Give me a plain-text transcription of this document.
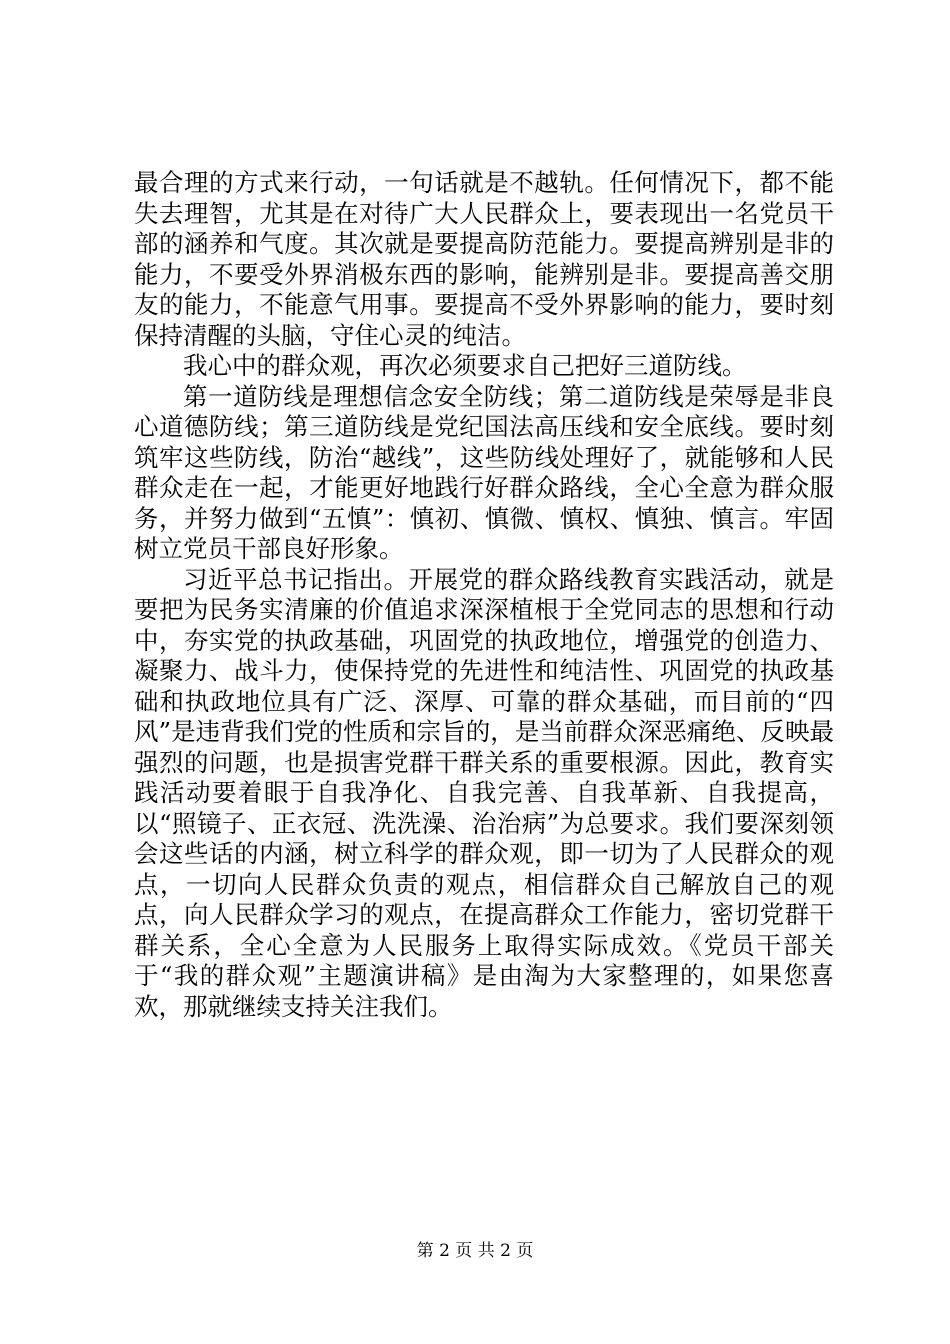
最合理的方式来行动，一句话就是不越轨。任何情况下，都不能失去理智，尤其是在对待广大人民群众上，要表现出一名党员干部的涵养和气度。其次就是要提高防范能力。要提高辨别是非的能力，不要受外界消极东西的影响，能辨别是非。要提高善交朋友的能力，不能意气用事。要提高不受外界影响的能力，要时刻保持清醒的头脑，守住心灵的纯洁。

我心中的群众观，再次必须要求自己把好三道防线。

第一道防线是理想信念安全防线；第二道防线是荣辱是非良心道德防线；第三道防线是党纪国法高压线和安全底线。要时刻筑牢这些防线，防治“越线”，这些防线处理好了，就能够和人民群众走在一起，才能更好地践行好群众路线，全心全意为群众服务，并努力做到“五慎”：慎初、慎微、慎权、慎独、慎言。牢固树立党员干部良好形象。

习近平总书记指出。开展党的群众路线教育实践活动，就是要把为民务实清廉的价值追求深深植根于全党同志的思想和行动中，夯实党的执政基础，巩固党的执政地位，增强党的创造力、凝聚力、战斗力，使保持党的先进性和纯洁性、巩固党的执政基础和执政地位具有广泛、深厚、可靠的群众基础，而目前的“四风”是违背我们党的性质和宗旨的，是当前群众深恶痛绝、反映最强烈的问题，也是损害党群干群关系的重要根源。因此，教育实践活动要着眼于自我净化、自我完善、自我革新、自我提高，以“照镜子、正衣冠、洗洗澡、治治病”为总要求。我们要深刻领会这些话的内涵，树立科学的群众观，即一切为了人民群众的观点，一切向人民群众负责的观点，相信群众自己解放自己的观点，向人民群众学习的观点，在提高群众工作能力，密切党群干群关系，全心全意为人民服务上取得实际成效。《党员干部关于“我的群众观”主题演讲稿》是由淘为大家整理的，如果您喜欢，那就继续支持关注我们。

第 2 页 共 2 页
